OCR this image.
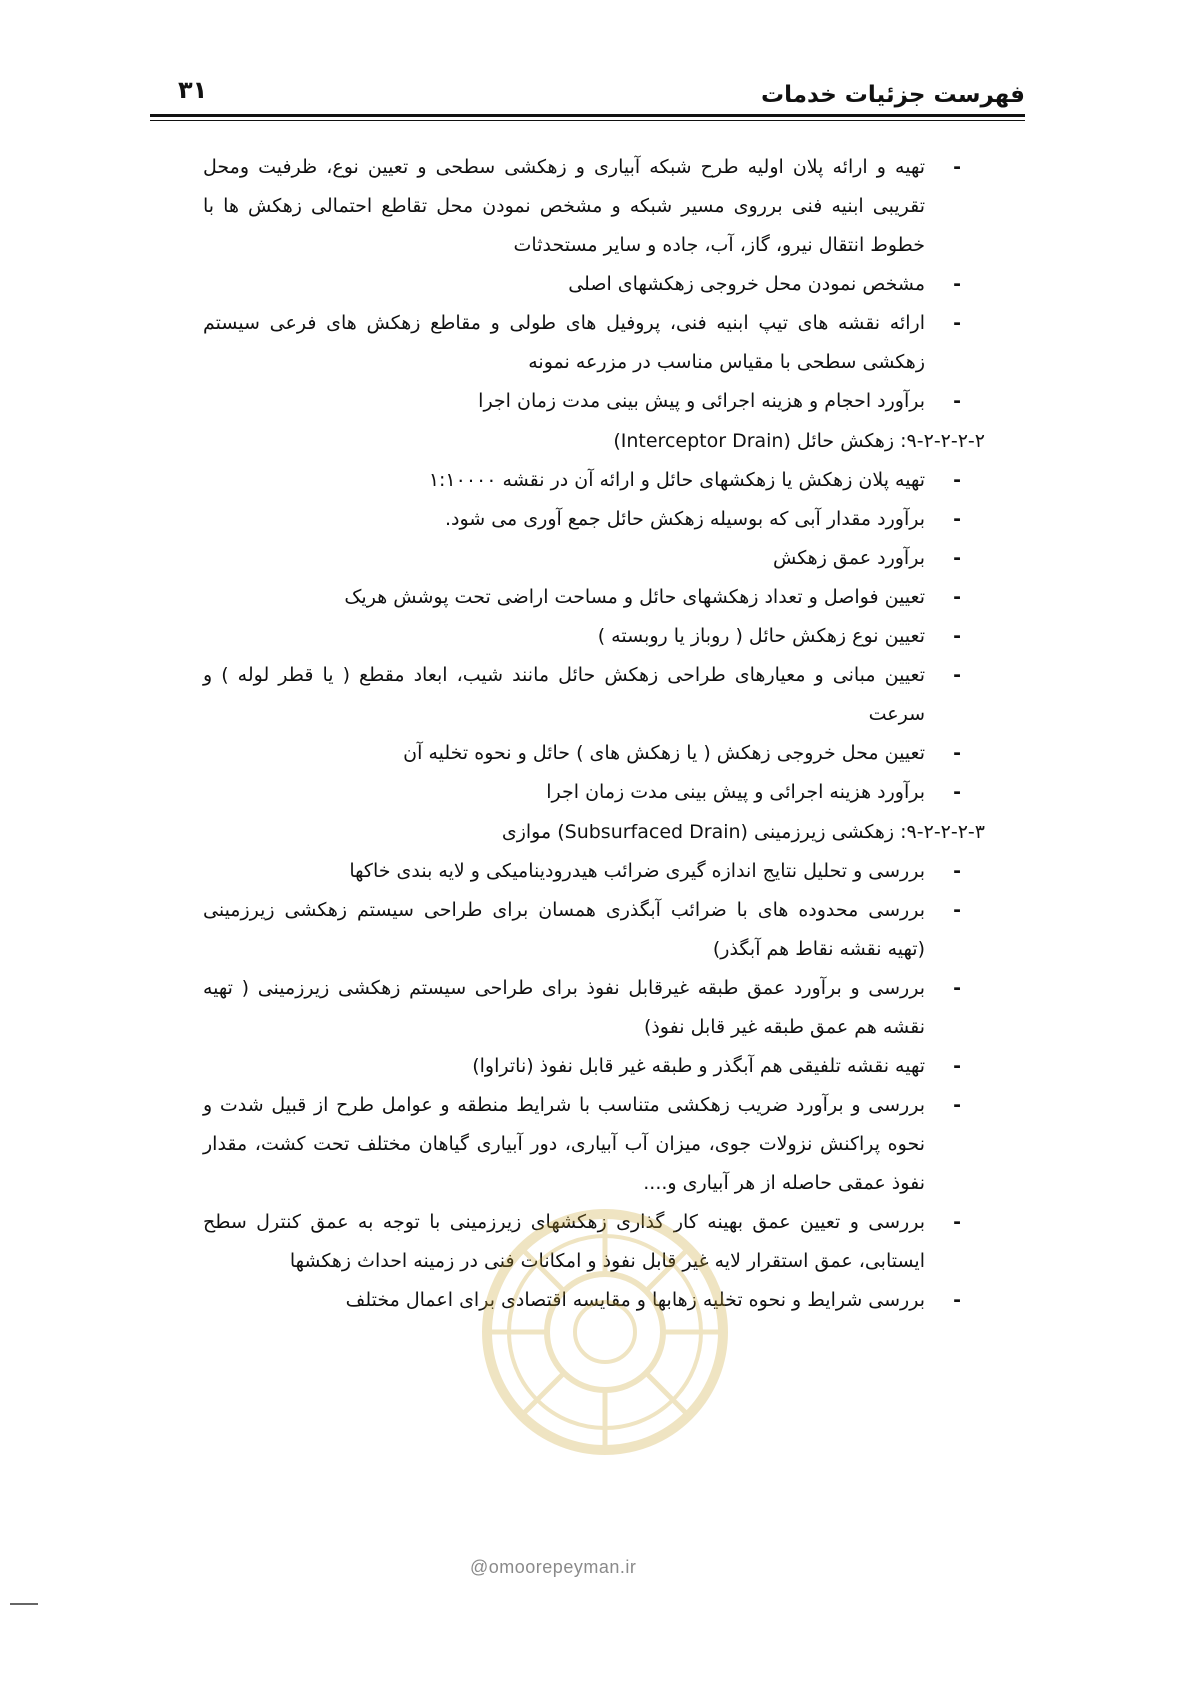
فهرست جزئیات خدمات
۳۱
- تهیه و ارائه پلان اولیه طرح شبکه آبیاری و زهکشی سطحی و تعیین نوع، ظرفیت ومحل تقریبی ابنیه فنی برروی مسیر شبکه و مشخص نمودن محل تقاطع احتمالی زهکش ها با خطوط انتقال نیرو، گاز، آب، جاده و سایر مستحدثات
- مشخص نمودن محل خروجی زهکشهای اصلی
- ارائه نقشه های تیپ ابنیه فنی، پروفیل های طولی و مقاطع زهکش های فرعی سیستم زهکشی سطحی با مقیاس مناسب در مزرعه نمونه
- برآورد احجام و هزینه اجرائی و پیش بینی مدت زمان اجرا
۹-۲-۲-۲-۲: زهکش حائل (Interceptor Drain)
- تهیه پلان زهکش یا زهکشهای حائل و ارائه آن در نقشه ۱:۱۰۰۰۰
- برآورد مقدار آبی که بوسیله زهکش حائل جمع آوری می شود.
- برآورد عمق زهکش
- تعیین فواصل و تعداد زهکشهای حائل و مساحت اراضی تحت پوشش هریک
- تعیین نوع زهکش حائل ( روباز یا روبسته )
- تعیین مبانی و معیارهای طراحی زهکش حائل مانند شیب، ابعاد مقطع ( یا قطر لوله ) و سرعت
- تعیین محل خروجی زهکش ( یا زهکش های ) حائل و نحوه تخلیه آن
- برآورد هزینه اجرائی و پیش بینی مدت زمان اجرا
۹-۲-۲-۲-۳: زهکشی زیرزمینی (Subsurfaced Drain) موازی
- بررسی و تحلیل نتایج اندازه گیری ضرائب هیدرودینامیکی و لایه بندی خاکها
- بررسی محدوده های با ضرائب آبگذری همسان برای طراحی سیستم زهکشی زیرزمینی (تهیه نقشه نقاط هم آبگذر)
- بررسی و برآورد عمق طبقه غیرقابل نفوذ برای طراحی سیستم زهکشی زیرزمینی ( تهیه نقشه هم عمق طبقه غیر قابل نفوذ)
- تهیه نقشه تلفیقی هم آبگذر و طبقه غیر قابل نفوذ (ناتراوا)
- بررسی و برآورد ضریب زهکشی متناسب با شرایط منطقه و عوامل طرح از قبیل شدت و نحوه پراکنش نزولات جوی، میزان آب آبیاری، دور آبیاری گیاهان مختلف تحت کشت، مقدار نفوذ عمقی حاصله از هر آبیاری و....
- بررسی و تعیین عمق بهینه کار گذاری زهکشهای زیرزمینی با توجه به عمق کنترل سطح ایستابی، عمق استقرار لایه غیر قابل نفوذ و امکانات فنی در زمینه احداث زهکشها
- بررسی شرایط و نحوه تخلیه زهابها و مقایسه اقتصادی برای اعمال مختلف
@omoorepeyman.ir
